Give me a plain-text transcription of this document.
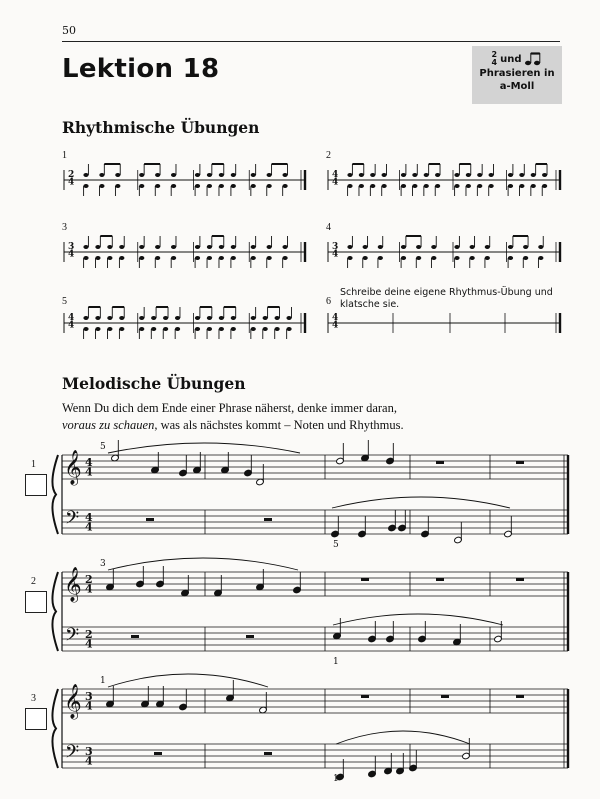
50
Lektion 18	2
4 und
Phrasieren in
a-Moll
Rhythmische Übungen
1	2
3	4
5	6
Schreibe deine eigene Rhythmus-Übung und klatsche sie.
Melodische Übungen
Wenn Du dich dem Ende einer Phrase näherst, denke immer daran,
voraus zu schauen, was als nächstes kommt – Noten und Rhythmus.
1
2
3
2
4
4
4
3
4
3
4
4
4
4
4
𝄞
𝄢
4
4
4
4
5
5
𝄞
𝄢
2
4
2
4
3
1
𝄞
𝄢
3
4
3
4
1
1
